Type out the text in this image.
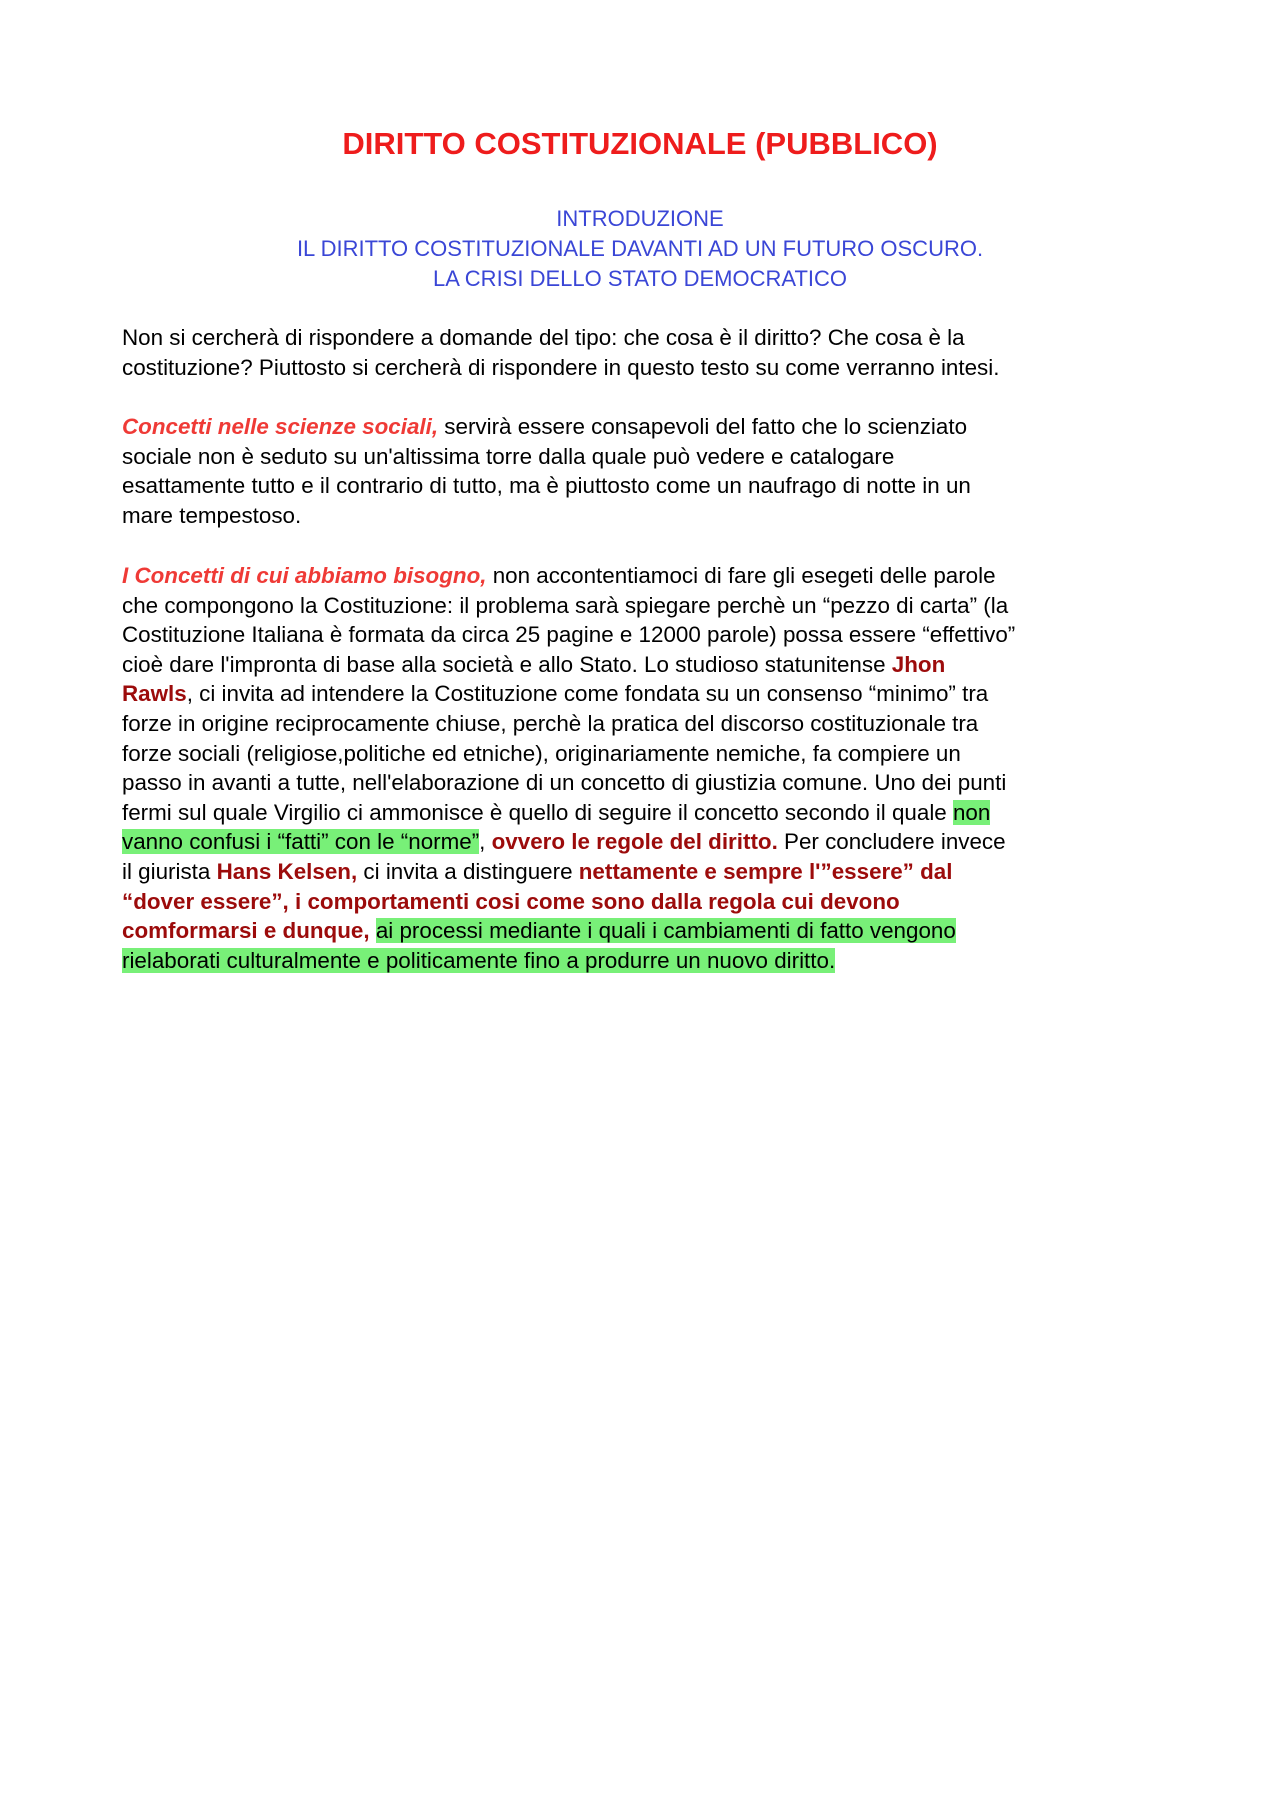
DIRITTO COSTITUZIONALE (PUBBLICO)
INTRODUZIONE
IL DIRITTO COSTITUZIONALE DAVANTI AD UN FUTURO OSCURO.
LA CRISI DELLO STATO DEMOCRATICO
Non si cercherà di rispondere a domande del tipo: che cosa è il diritto? Che cosa è la
costituzione? Piuttosto si cercherà di rispondere in questo testo su come verranno intesi.
Concetti nelle scienze sociali, servirà essere consapevoli del fatto che lo scienziato
sociale non è seduto su un'altissima torre dalla quale può vedere e catalogare
esattamente tutto e il contrario di tutto, ma è piuttosto come un naufrago di notte in un
mare tempestoso.
I Concetti di cui abbiamo bisogno, non accontentiamoci di fare gli esegeti delle parole
che compongono la Costituzione: il problema sarà spiegare perchè un “pezzo di carta” (la
Costituzione Italiana è formata da circa 25 pagine e 12000 parole) possa essere “effettivo”
cioè dare l'impronta di base alla società e allo Stato. Lo studioso statunitense Jhon
Rawls, ci invita ad intendere la Costituzione come fondata su un consenso “minimo” tra
forze in origine reciprocamente chiuse, perchè la pratica del discorso costituzionale tra
forze sociali (religiose,politiche ed etniche), originariamente nemiche, fa compiere un
passo in avanti a tutte, nell'elaborazione di un concetto di giustizia comune. Uno dei punti
fermi sul quale Virgilio ci ammonisce è quello di seguire il concetto secondo il quale non
vanno confusi i “fatti” con le “norme”, ovvero le regole del diritto. Per concludere invece
il giurista Hans Kelsen, ci invita a distinguere nettamente e sempre l'”essere” dal
“dover essere”, i comportamenti cosi come sono dalla regola cui devono
comformarsi e dunque, ai processi mediante i quali i cambiamenti di fatto vengono
rielaborati culturalmente e politicamente fino a produrre un nuovo diritto.
